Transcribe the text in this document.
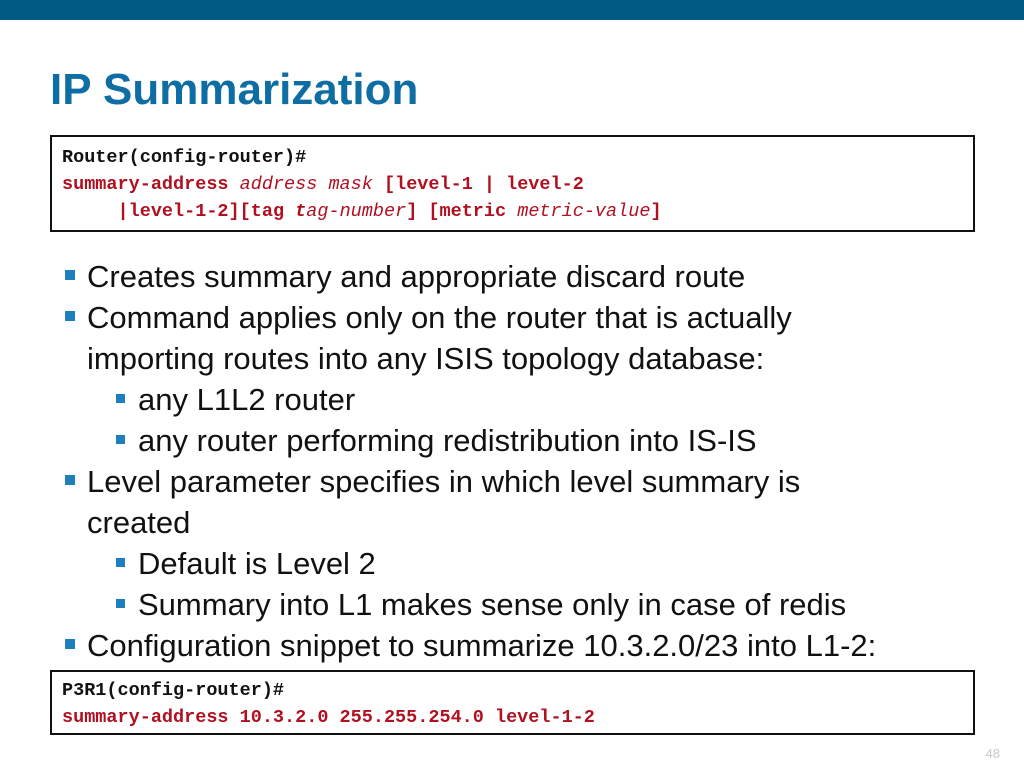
IP Summarization
Router(config-router)#
summary-address address mask [level-1 | level-2
|level-1-2][tag tag-number] [metric metric-value]
Creates summary and appropriate discard route
Command applies only on the router that is actually
importing routes into any ISIS topology database:
any L1L2 router
any router performing redistribution into IS-IS
Level parameter specifies in which level summary is
created
Default is Level 2
Summary into L1 makes sense only in case of redis
Configuration snippet to summarize 10.3.2.0/23 into L1-2:
P3R1(config-router)#
summary-address 10.3.2.0 255.255.254.0 level-1-2
48
